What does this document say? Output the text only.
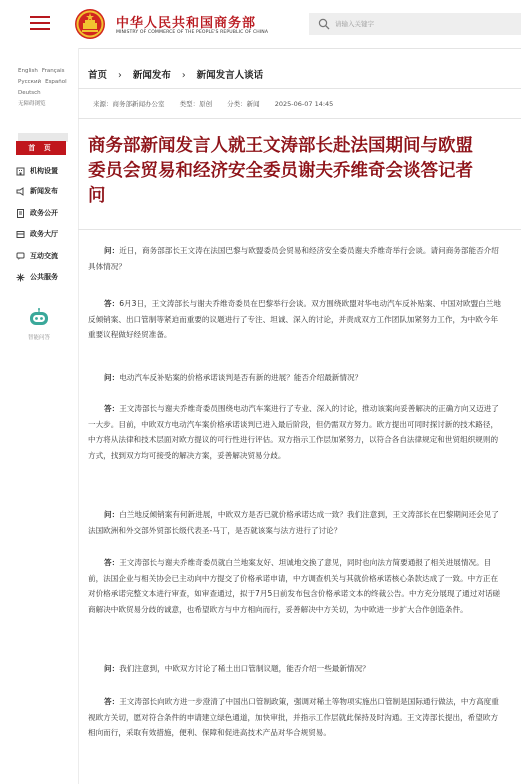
中华人民共和国商务部
MINISTRY OF COMMERCE OF THE PEOPLE'S REPUBLIC OF CHINA
请输入关键字
English Français
Русский Español
Deutsch
无障碍浏览
首 页
机构设置
新闻发布
政务公开
政务大厅
互动交流
公共服务
智能问答
首页 › 新闻发布 › 新闻发言人谈话
来源：商务部新闻办公室 类型：原创 分类：新闻 2025-06-07 14:45
商务部新闻发言人就王文涛部长赴法国期间与欧盟委员会贸易和经济安全委员谢夫乔维奇会谈答记者问

问：近日，商务部部长王文涛在法国巴黎与欧盟委员会贸易和经济安全委员谢夫乔维奇举行会谈。请问商务部能否介绍具体情况？

答：6月3日，王文涛部长与谢夫乔维奇委员在巴黎举行会谈。双方围绕欧盟对华电动汽车反补贴案、中国对欧盟白兰地反倾销案、出口管制等紧迫而重要的议题进行了专注、坦诚、深入的讨论，并责成双方工作团队加紧努力工作，为中欧今年重要议程做好经贸准备。

问：电动汽车反补贴案的价格承诺谈判是否有新的进展？能否介绍最新情况？

答：王文涛部长与谢夫乔维奇委员围绕电动汽车案进行了专业、深入的讨论，推动该案向妥善解决的正确方向又迈进了一大步。目前，中欧双方电动汽车案价格承诺谈判已进入最后阶段，但仍需双方努力。欧方提出可同时探讨新的技术路径，中方将从法律和技术层面对欧方提议的可行性进行评估。双方指示工作层加紧努力，以符合各自法律规定和世贸组织规则的方式，找到双方均可接受的解决方案，妥善解决贸易分歧。

问：白兰地反倾销案有何新进展，中欧双方是否已就价格承诺达成一致？我们注意到，王文涛部长在巴黎期间还会见了法国欧洲和外交部外贸部长级代表圣-马丁，是否就该案与法方进行了讨论？

答：王文涛部长与谢夫乔维奇委员就白兰地案友好、坦诚地交换了意见，同时也向法方简要通报了相关进展情况。目前，法国企业与相关协会已主动向中方提交了价格承诺申请，中方调查机关与其就价格承诺核心条款达成了一致。中方正在对价格承诺完整文本进行审查，如审查通过，拟于7月5日前发布包含价格承诺文本的终裁公告。中方充分展现了通过对话磋商解决中欧贸易分歧的诚意，也希望欧方与中方相向而行，妥善解决中方关切，为中欧进一步扩大合作创造条件。

问：我们注意到，中欧双方讨论了稀土出口管制议题，能否介绍一些最新情况？

答：王文涛部长向欧方进一步澄清了中国出口管制政策，强调对稀土等物项实施出口管制是国际通行做法，中方高度重视欧方关切，愿对符合条件的申请建立绿色通道，加快审批，并指示工作层就此保持及时沟通。王文涛部长提出，希望欧方相向而行，采取有效措施，便利、保障和促进高技术产品对华合规贸易。
